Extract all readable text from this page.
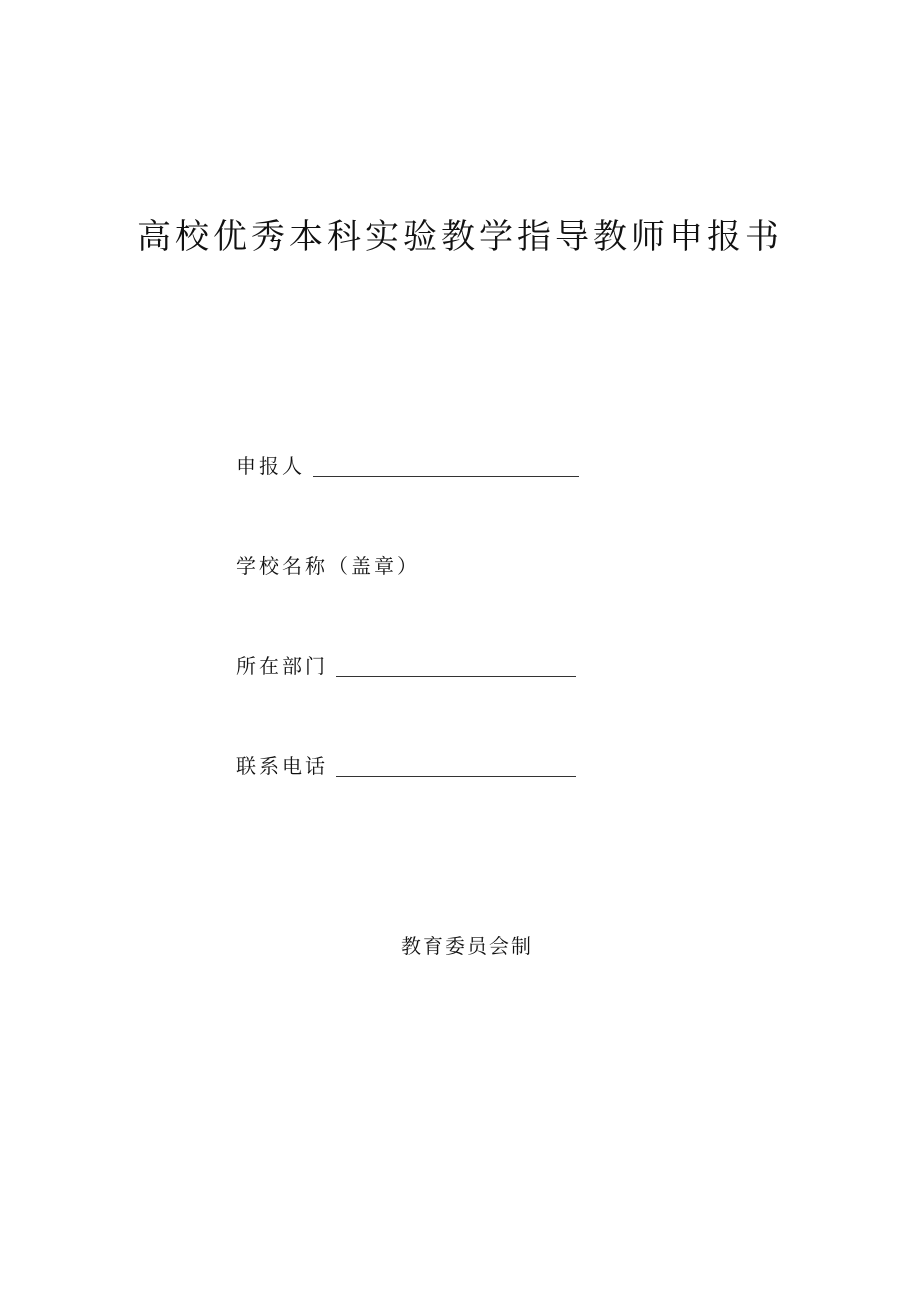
高校优秀本科实验教学指导教师申报书
申报人
学校名称（盖章）
所在部门
联系电话
教育委员会制
